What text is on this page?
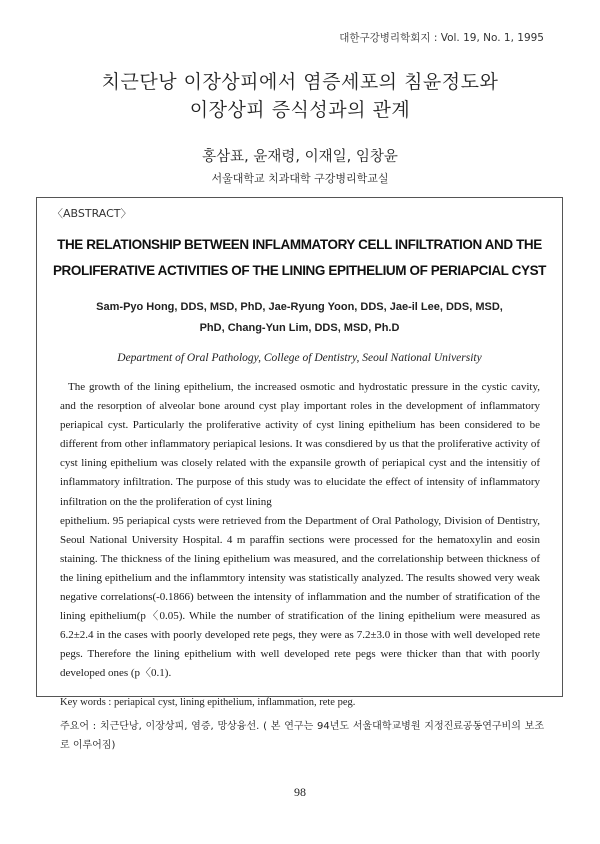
대한구강병리학회지 : Vol. 19, No. 1, 1995
치근단낭 이장상피에서 염증세포의 침윤정도와
이장상피 증식성과의 관계
홍삼표, 윤재령, 이재일, 임창윤
서울대학교 치과대학 구강병리학교실
〈ABSTRACT〉
THE RELATIONSHIP BETWEEN INFLAMMATORY CELL INFILTRATION AND THE
PROLIFERATIVE ACTIVITIES OF THE LINING EPITHELIUM OF PERIAPCIAL CYST
Sam-Pyo Hong, DDS, MSD, PhD, Jae-Ryung Yoon, DDS, Jae-il Lee, DDS, MSD,
PhD, Chang-Yun Lim, DDS, MSD, Ph.D
Department of Oral Pathology, College of Dentistry, Seoul National University

The growth of the lining epithelium, the increased osmotic and hydrostatic pressure in the cystic cavity, and the resorption of alveolar bone around cyst play important roles in the development of inflammatory periapical cyst. Particularly the proliferative activity of cyst lining epithelium has been considered to be different from other inflammatory periapical lesions. It was consdiered by us that the proliferative activity of cyst lining epithelium was closely related with the expansile growth of periapical cyst and the intensitiy of inflammatory infiltration. The purpose of this study was to elucidate the effect of intensity of inflammatory infiltration on the the proliferation of cyst lining

epithelium. 95 periapical cysts were retrieved from the Department of Oral Pathology, Division of Dentistry, Seoul National University Hospital. 4 m paraffin sections were processed for the hematoxylin and eosin staining. The thickness of the lining epithelium was measured, and the correlationship between thickness of the lining epithelium and the inflammtory intensity was statistically analyzed. The results showed very weak negative correlations(-0.1866) between the intensity of inflammation and the number of stratification of the lining epithelium(p〈0.05). While the number of stratification of the lining epithelium were measured as 6.2±2.4 in the cases with poorly developed rete pegs, they were as 7.2±3.0 in those with well developed rete pegs. Therefore the lining epithelium with well developed rete pegs were thicker than that with poorly developed ones (p〈0.1).

Key words : periapical cyst, lining epithelium, inflammation, rete peg.
주요어 : 치근단낭, 이장상피, 염증, 망상융선. ( 본 연구는 94년도 서울대학교병원 지정진료공동연구비의 보조로 이루어짐)
98
